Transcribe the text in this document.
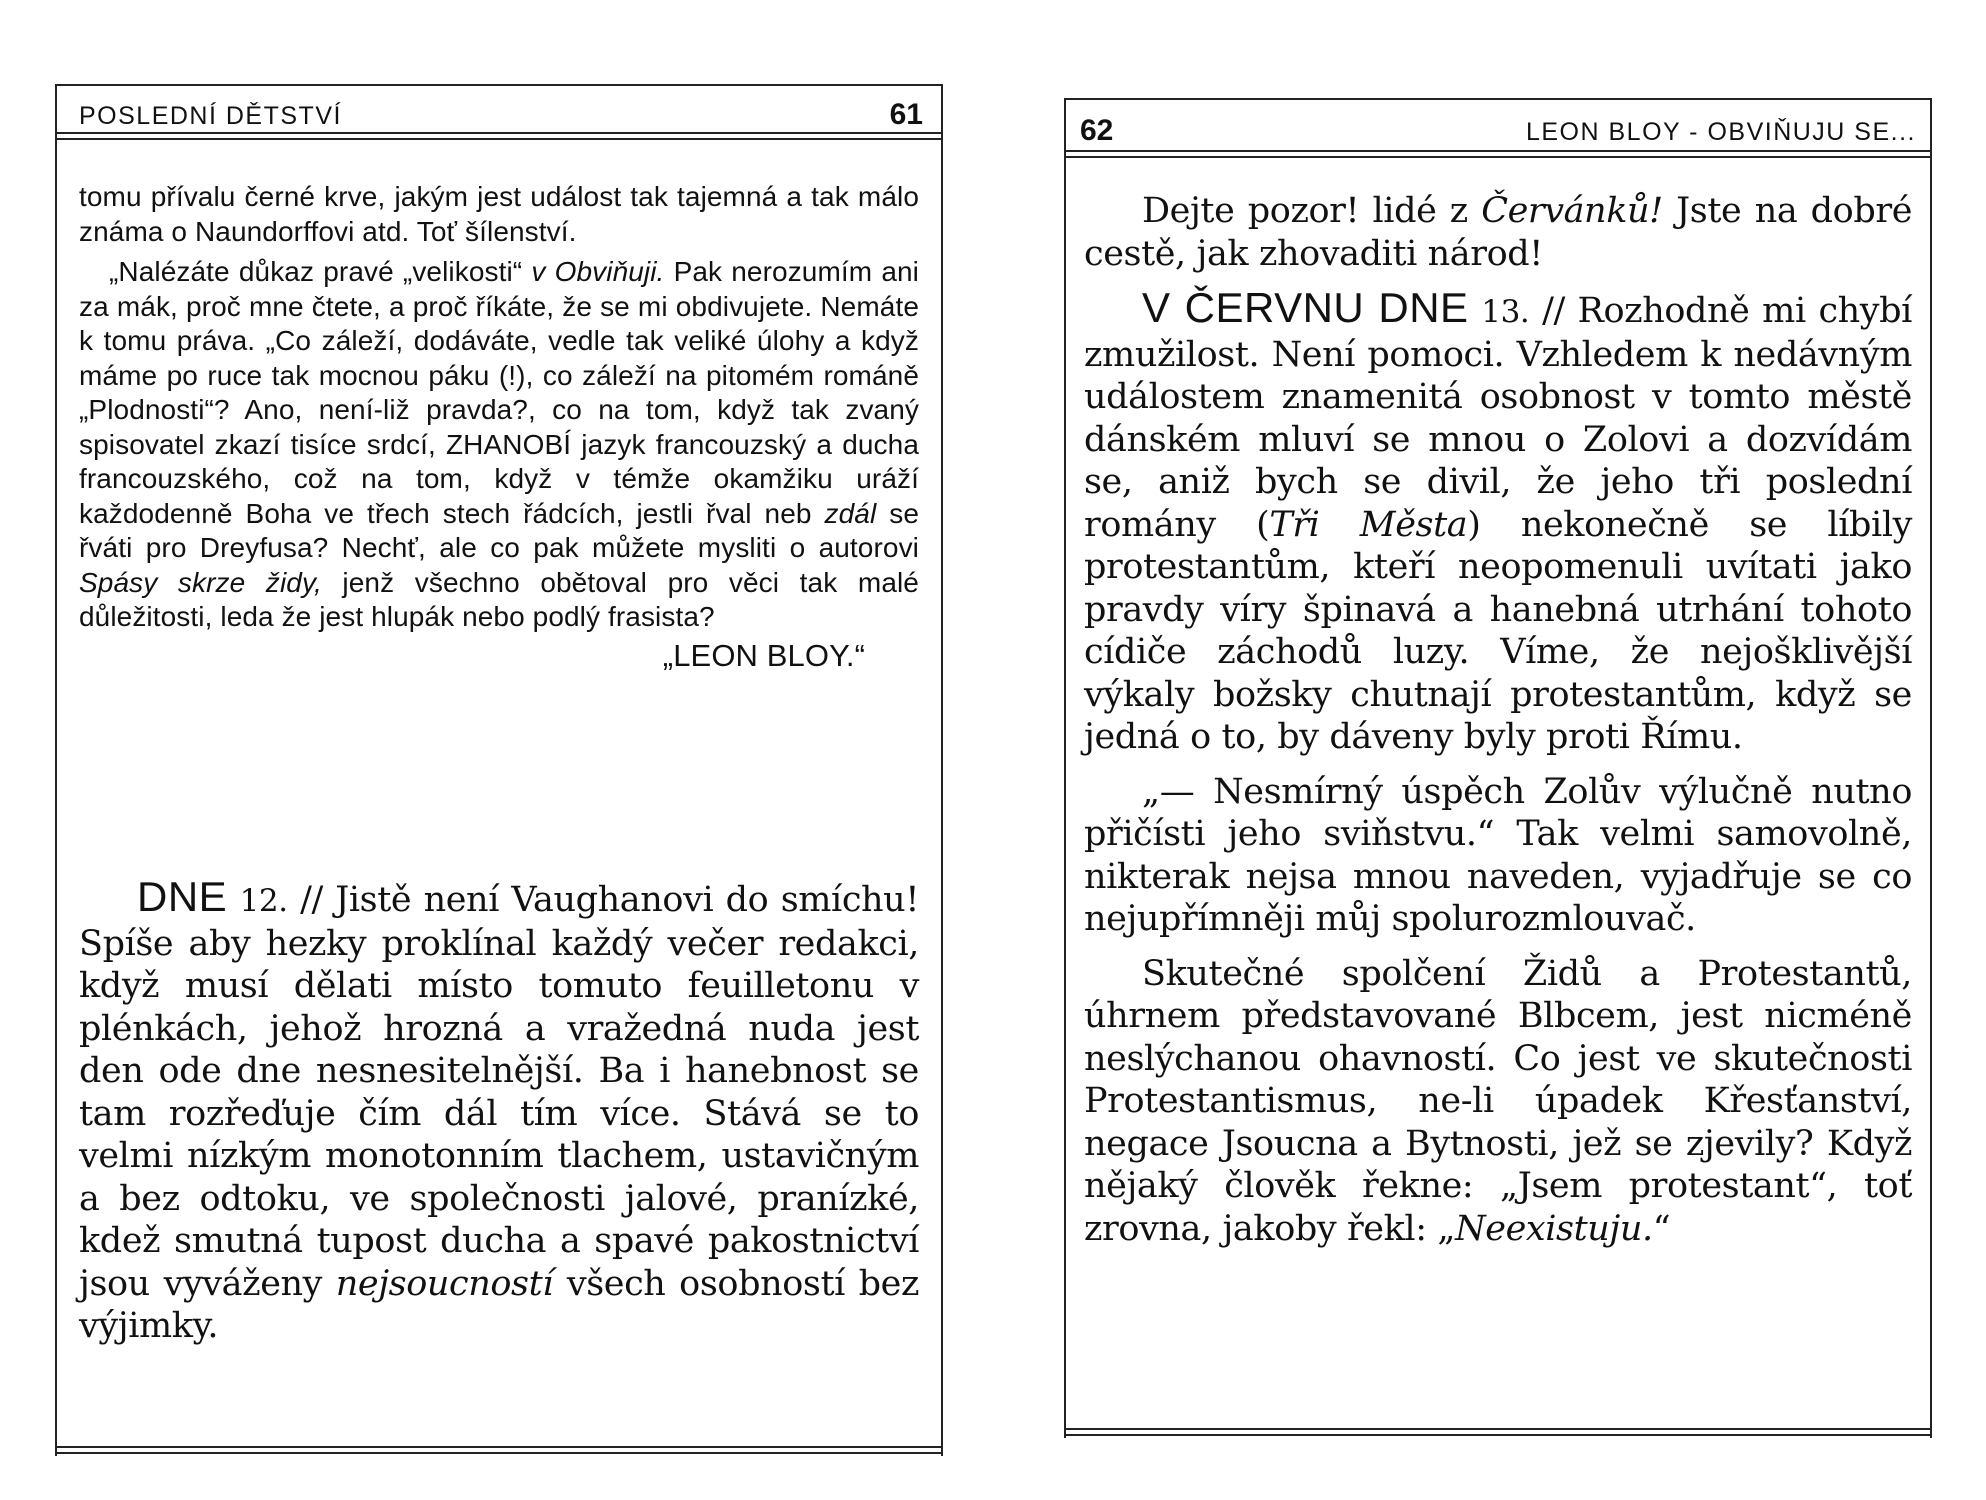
POSLEDNÍ DĚTSTVÍ	61

tomu přívalu černé krve, jakým jest událost tak tajemná a tak málo známa o Naundorffovi atd. Toť šílenství.

„Nalézáte důkaz pravé „velikosti“ v Obviňuji. Pak nerozumím ani za mák, proč mne čtete, a proč říkáte, že se mi obdivujete. Nemáte k tomu práva. „Co záleží, dodáváte, vedle tak veliké úlohy a když máme po ruce tak mocnou páku (!), co záleží na pitomém románě „Plodnosti“? Ano, není-liž pravda?, co na tom, když tak zvaný spisovatel zkazí tisíce srdcí, ZHANOBÍ jazyk francouzský a ducha francouzského, což na tom, když v témže okamžiku uráží každodenně Boha ve třech stech řádcích, jestli řval neb zdál se řváti pro Dreyfusa? Nechť, ale co pak můžete mysliti o autorovi Spásy skrze židy, jenž všechno obětoval pro věci tak malé důležitosti, leda že jest hlupák nebo podlý frasista?

„LEON BLOY.“

DNE 12. // Jistě není Vaughanovi do smíchu! Spíše aby hezky proklínal každý večer redakci, když musí dělati místo tomuto feuilletonu v plénkách, jehož hrozná a vražedná nuda jest den ode dne nesnesitelnější. Ba i hanebnost se tam rozřeďuje čím dál tím více. Stává se to velmi nízkým monotonním tlachem, ustavičným a bez odtoku, ve společnosti jalové, pranízké, kdež smutná tupost ducha a spavé pakostnictví jsou vyváženy nejsoucností všech osobností bez výjimky.

62	LEON BLOY - OBVIŇUJU SE...

Dejte pozor! lidé z Červánků! Jste na dobré cestě, jak zhovaditi národ!

V ČERVNU DNE 13. // Rozhodně mi chybí zmužilost. Není pomoci. Vzhledem k nedávným událostem znamenitá osobnost v tomto městě dánském mluví se mnou o Zolovi a dozvídám se, aniž bych se divil, že jeho tři poslední romány (Tři Města) nekonečně se líbily protestantům, kteří neopomenuli uvítati jako pravdy víry špinavá a hanebná utrhání tohoto cídiče záchodů luzy. Víme, že nejošklivější výkaly božsky chutnají protestantům, když se jedná o to, by dáveny byly proti Římu.

„— Nesmírný úspěch Zolův výlučně nutno přičísti jeho sviňstvu.“ Tak velmi samovolně, nikterak nejsa mnou naveden, vyjadřuje se co nejupřímněji můj spolurozmlouvač.

Skutečné spolčení Židů a Protestantů, úhrnem představované Blbcem, jest nicméně neslýchanou ohavností. Co jest ve skutečnosti Protestantismus, ne-li úpadek Křesťanství, negace Jsoucna a Bytnosti, jež se zjevily? Když nějaký člověk řekne: „Jsem protestant“, toť zrovna, jakoby řekl: „Neexistuju.“
